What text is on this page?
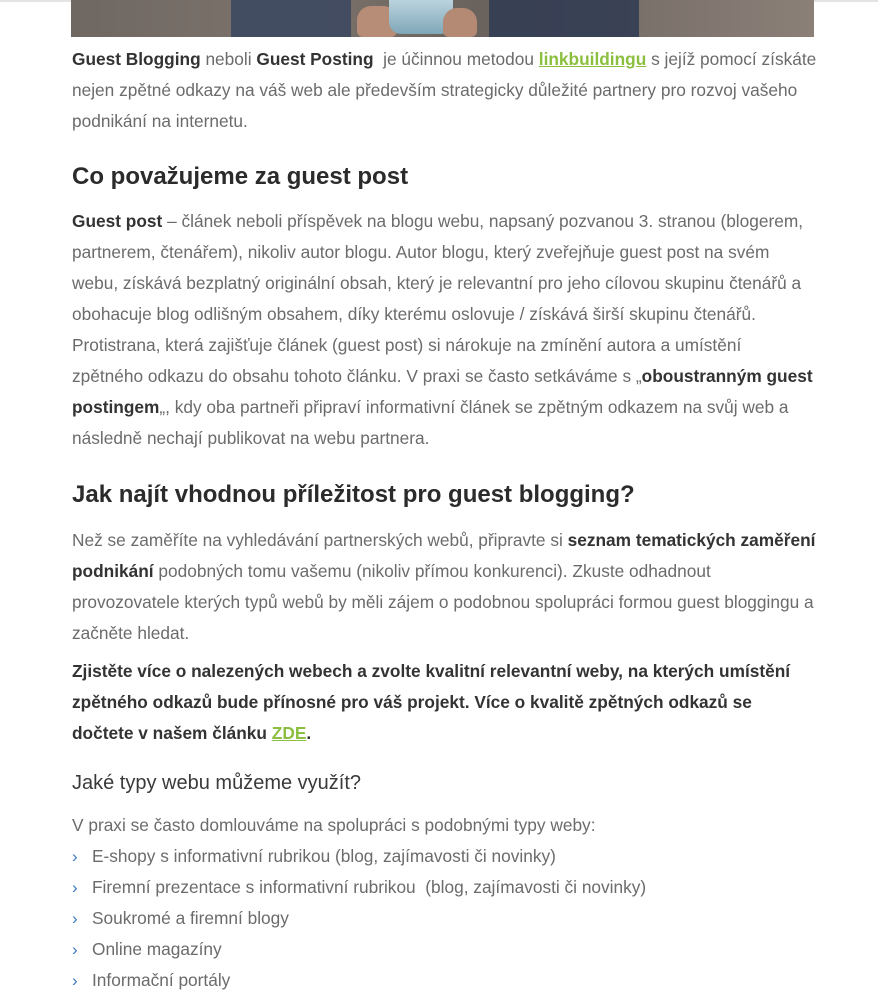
Guest Blogging neboli Guest Posting  je účinnou metodou linkbuildingu s jejíž pomocí získáte nejen zpětné odkazy na váš web ale především strategicky důležité partnery pro rozvoj vašeho podnikání na internetu.

Co považujeme za guest post

Guest post – článek neboli příspěvek na blogu webu, napsaný pozvanou 3. stranou (blogerem, partnerem, čtenářem), nikoliv autor blogu. Autor blogu, který zveřejňuje guest post na svém webu, získává bezplatný originální obsah, který je relevantní pro jeho cílovou skupinu čtenářů a obohacuje blog odlišným obsahem, díky kterému oslovuje / získává širší skupinu čtenářů. Protistrana, která zajišťuje článek (guest post) si nárokuje na zmínění autora a umístění zpětného odkazu do obsahu tohoto článku. V praxi se často setkáváme s „oboustranným guest postingem„, kdy oba partneři připraví informativní článek se zpětným odkazem na svůj web a následně nechají publikovat na webu partnera.

Jak najít vhodnou příležitost pro guest blogging?

Než se zaměříte na vyhledávání partnerských webů, připravte si seznam tematických zaměření podnikání podobných tomu vašemu (nikoliv přímou konkurenci). Zkuste odhadnout provozovatele kterých typů webů by měli zájem o podobnou spolupráci formou guest bloggingu a začněte hledat.

Zjistěte více o nalezených webech a zvolte kvalitní relevantní weby, na kterých umístění zpětného odkazů bude přínosné pro váš projekt. Více o kvalitě zpětných odkazů se dočtete v našem článku ZDE.

Jaké typy webu můžeme využít?

V praxi se často domlouváme na spolupráci s podobnými typy weby:

› E-shopy s informativní rubrikou (blog, zajímavosti či novinky)
› Firemní prezentace s informativní rubrikou  (blog, zajímavosti či novinky)
› Soukromé a firemní blogy
› Online magazíny
› Informační portály
